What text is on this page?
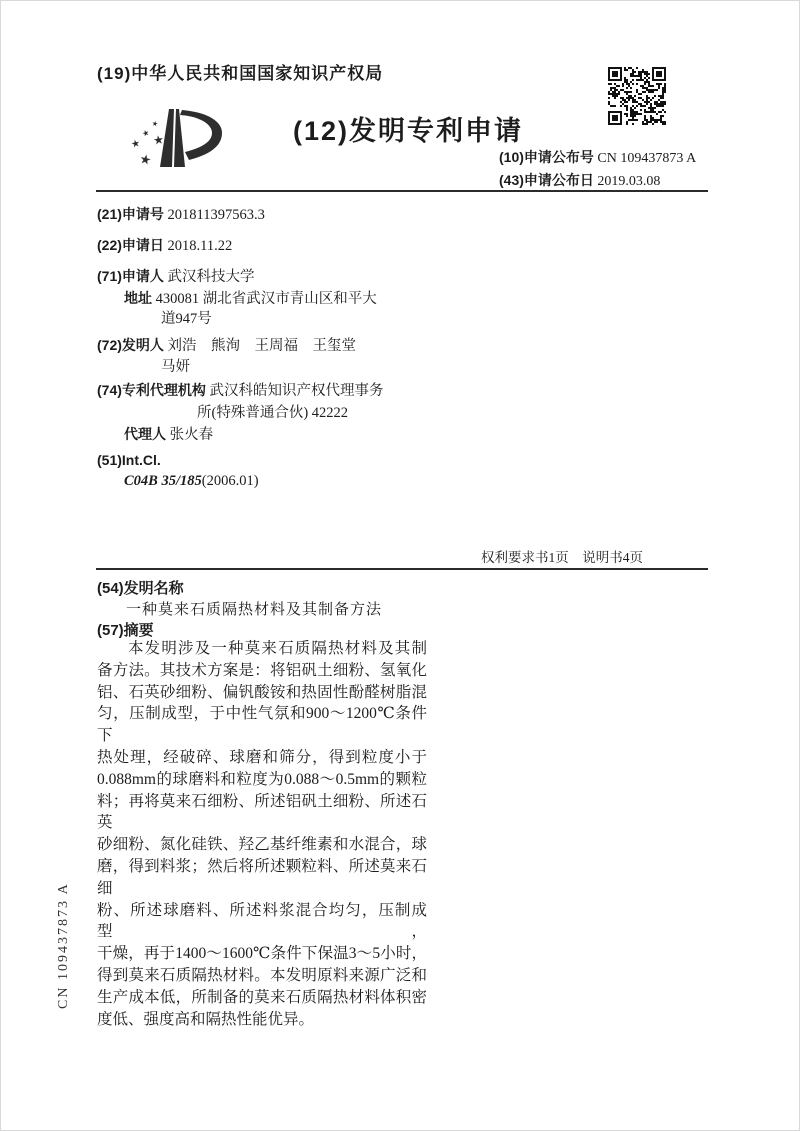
(19)中华人民共和国国家知识产权局
★
★
★
★
★
(12)发明专利申请
(10)申请公布号 CN 109437873 A
(43)申请公布日 2019.03.08
(21)申请号 201811397563.3
(22)申请日 2018.11.22
(71)申请人 武汉科技大学
地址 430081 湖北省武汉市青山区和平大
道947号
(72)发明人 刘浩　熊洵　王周福　王玺堂
马妍
(74)专利代理机构 武汉科皓知识产权代理事务
所(特殊普通合伙) 42222
代理人 张火春
(51)Int.Cl.
C04B 35/185(2006.01)
权利要求书1页　说明书4页
(54)发明名称
一种莫来石质隔热材料及其制备方法
(57)摘要
本发明涉及一种莫来石质隔热材料及其制
备方法。其技术方案是：将铝矾土细粉、氢氧化
铝、石英砂细粉、偏钒酸铵和热固性酚醛树脂混
匀，压制成型，于中性气氛和900～1200℃条件下
热处理，经破碎、球磨和筛分，得到粒度小于
0.088mm的球磨料和粒度为0.088～0.5mm的颗粒
料；再将莫来石细粉、所述铝矾土细粉、所述石英
砂细粉、氮化硅铁、羟乙基纤维素和水混合，球
磨，得到料浆；然后将所述颗粒料、所述莫来石细
粉、所述球磨料、所述料浆混合均匀，压制成型，
干燥，再于1400～1600℃条件下保温3～5小时，
得到莫来石质隔热材料。本发明原料来源广泛和
生产成本低，所制备的莫来石质隔热材料体积密
度低、强度高和隔热性能优异。
CN 109437873 A
